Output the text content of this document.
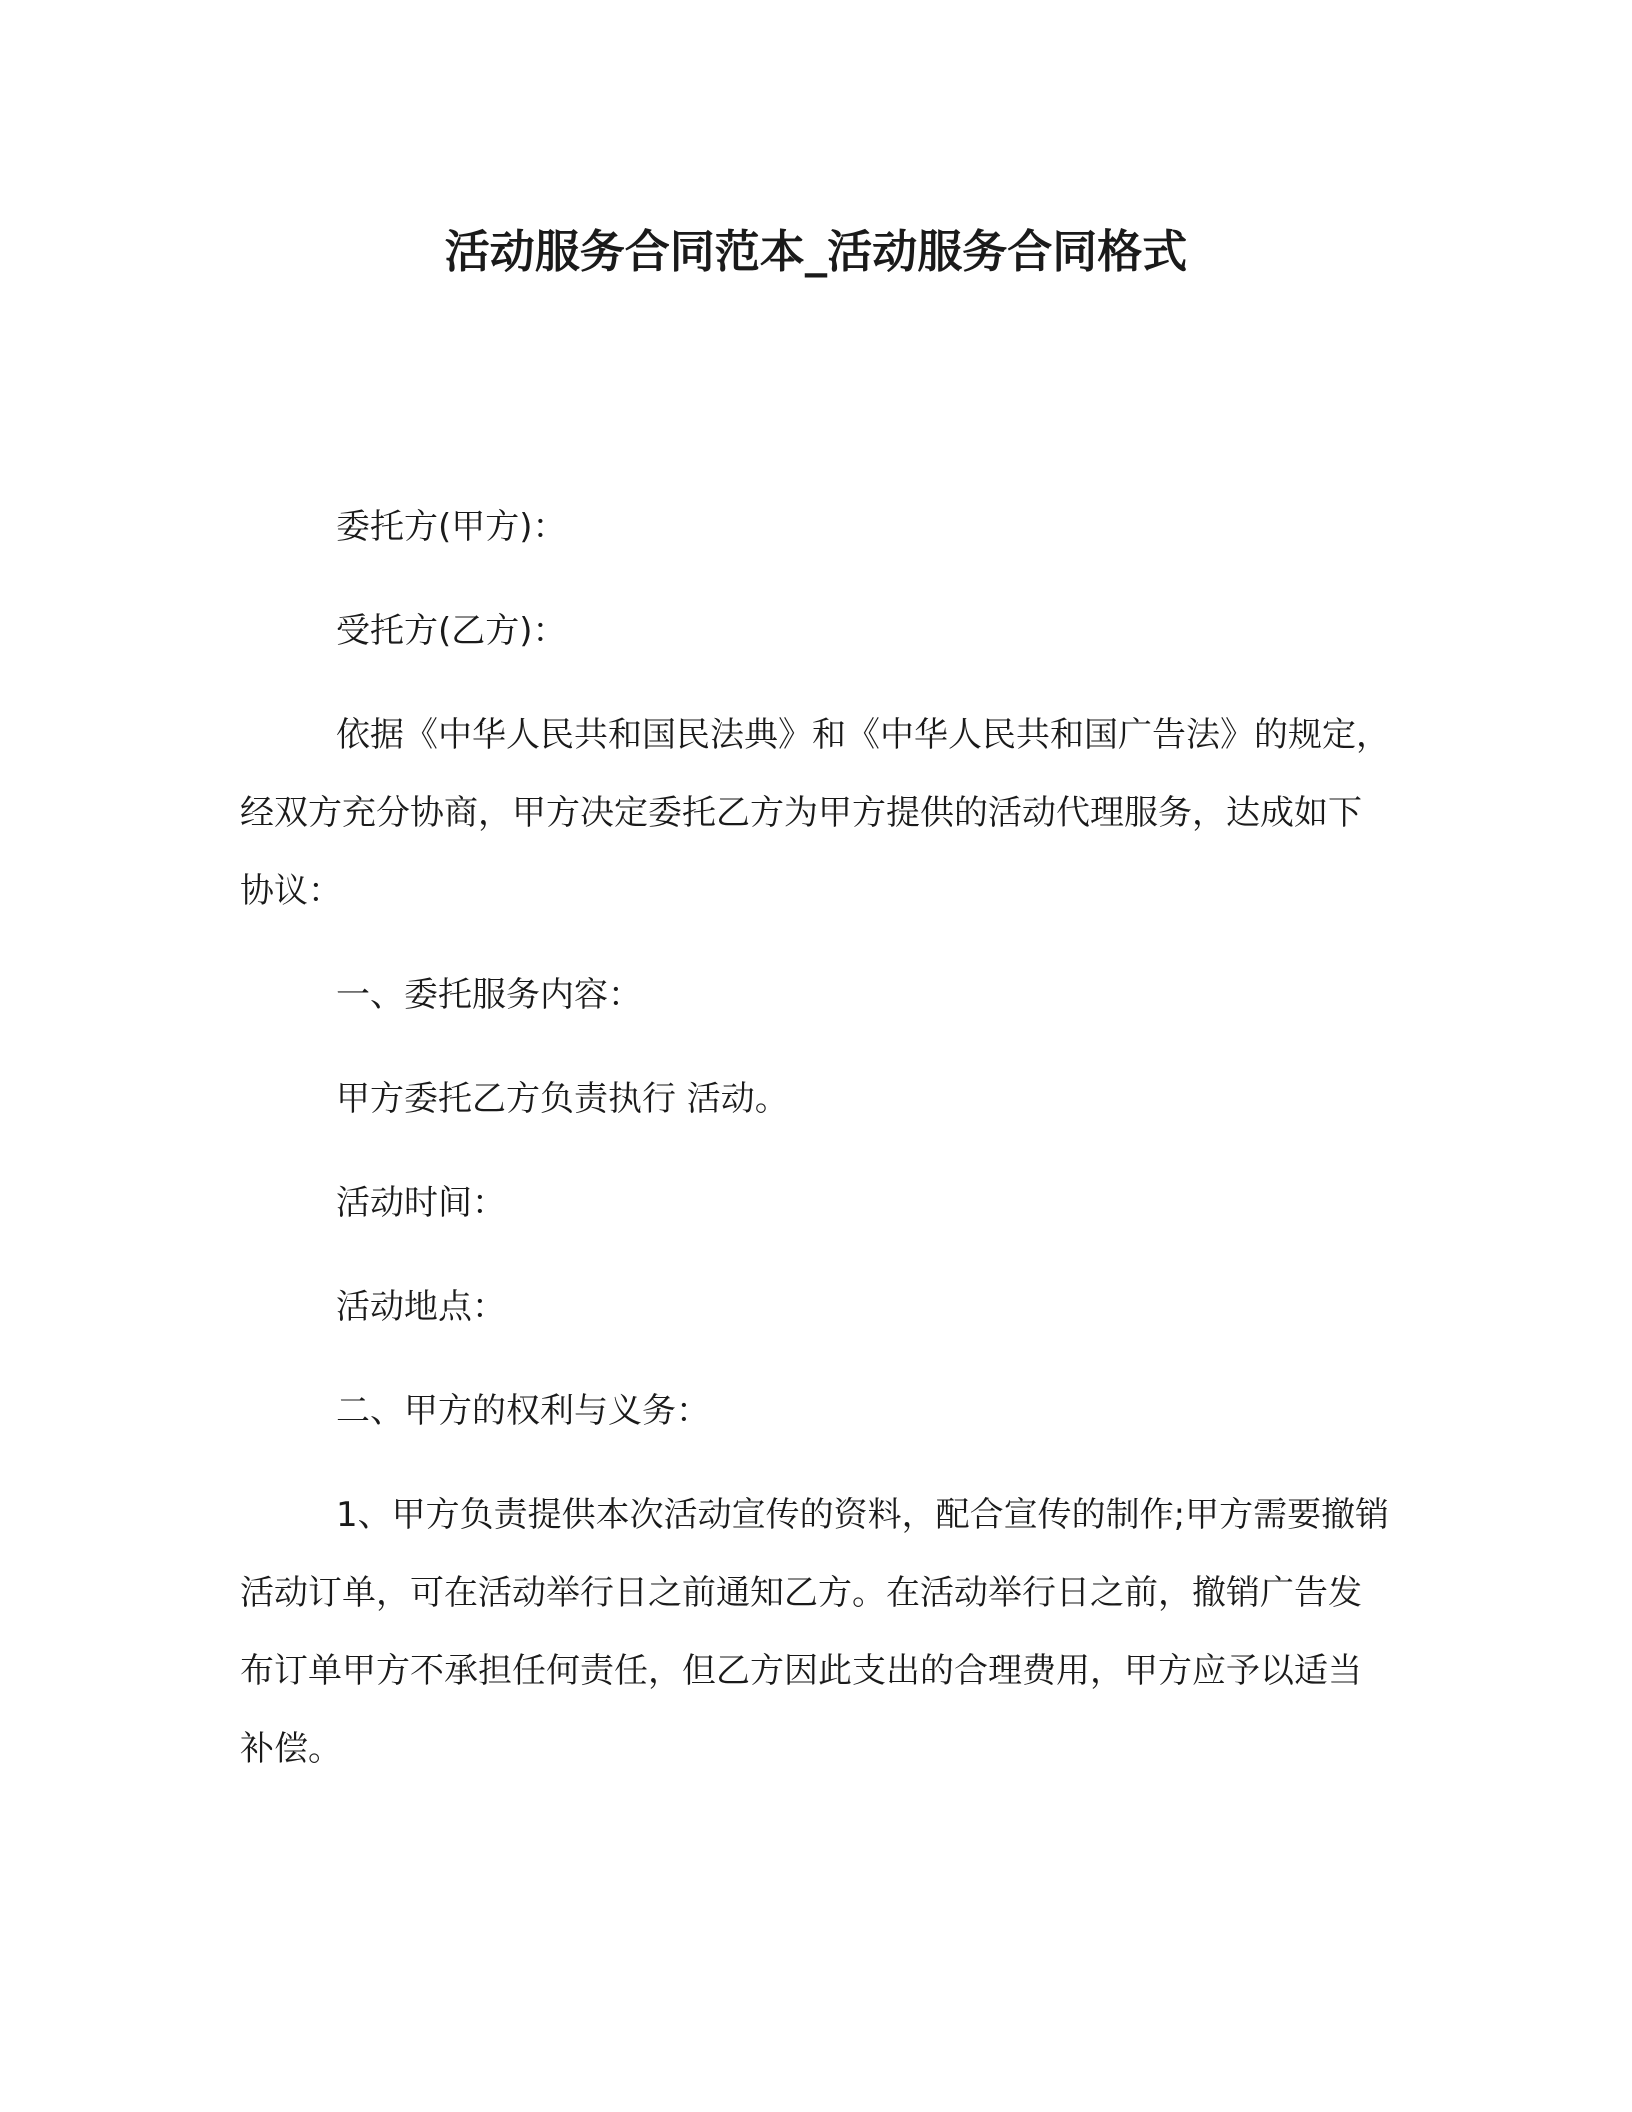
活动服务合同范本_活动服务合同格式

委托方(甲方)：

受托方(乙方)：

依据《中华人民共和国民法典》和《中华人民共和国广告法》的规定，经双方充分协商，甲方决定委托乙方为甲方提供的活动代理服务，达成如下协议：

一、委托服务内容：

甲方委托乙方负责执行 活动。

活动时间：

活动地点：

二、甲方的权利与义务：

1、甲方负责提供本次活动宣传的资料，配合宣传的制作;甲方需要撤销活动订单，可在活动举行日之前通知乙方。在活动举行日之前，撤销广告发布订单甲方不承担任何责任，但乙方因此支出的合理费用，甲方应予以适当补偿。
